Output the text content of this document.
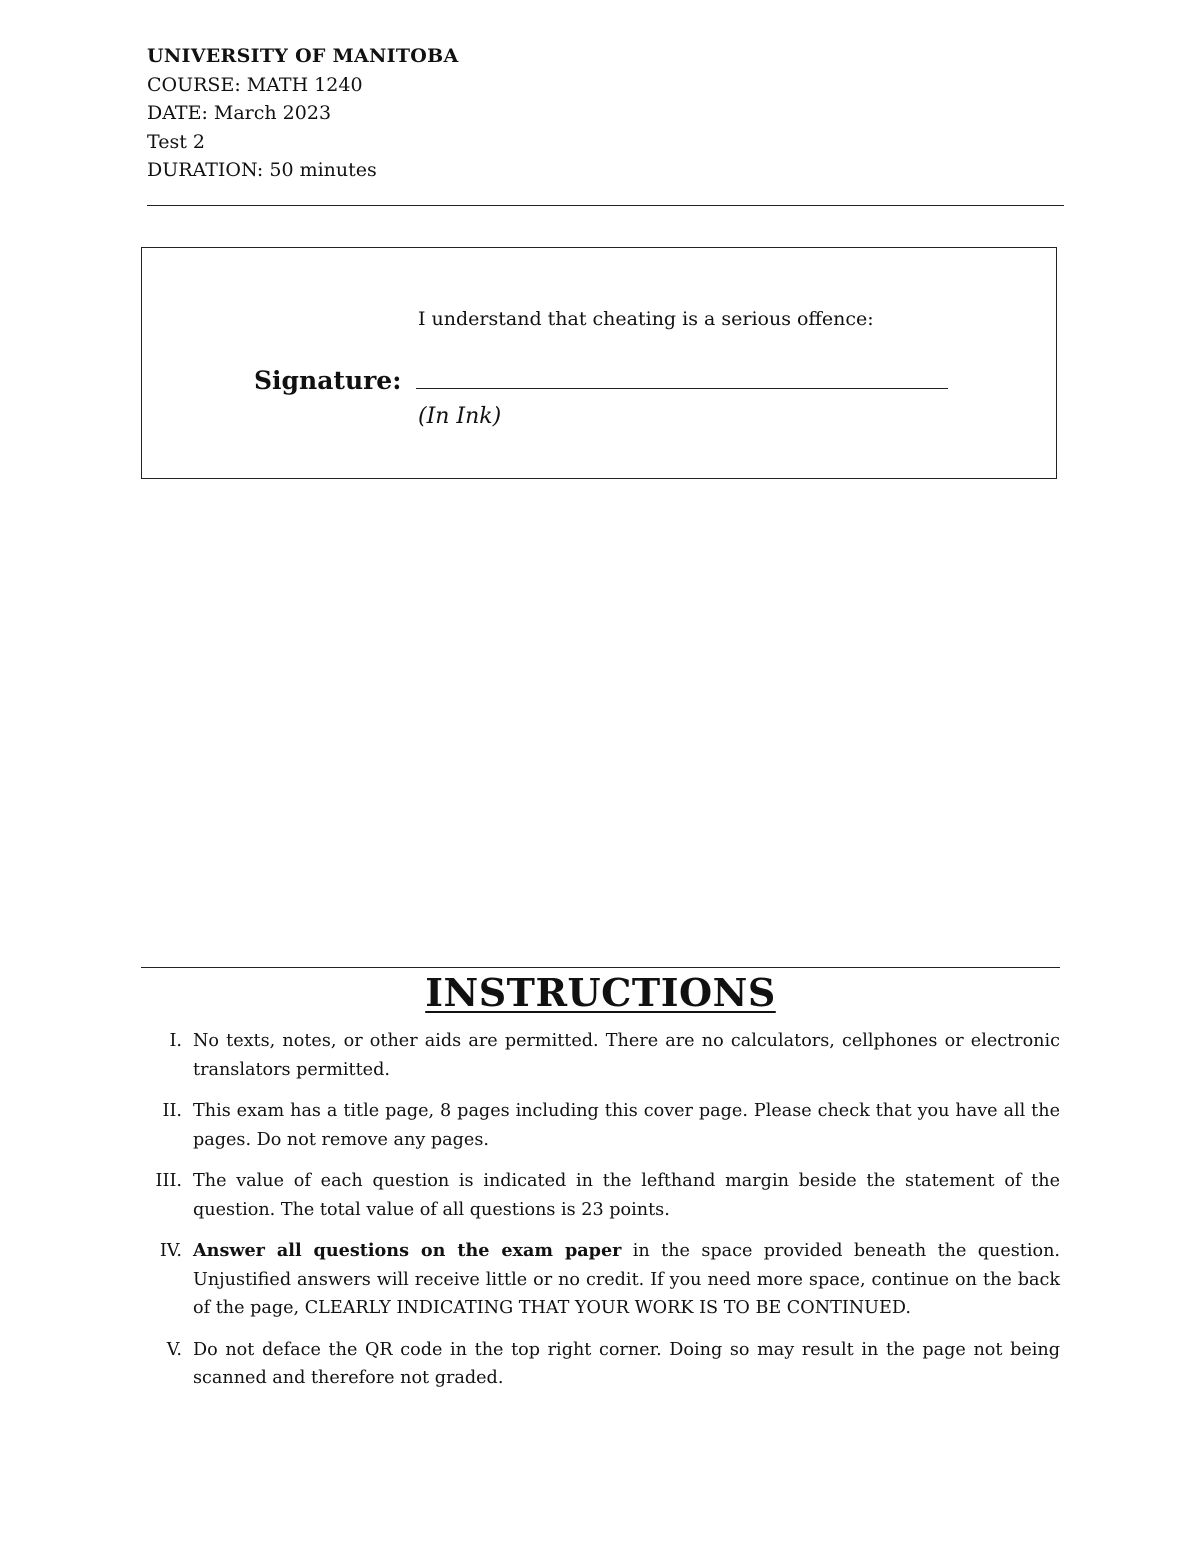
UNIVERSITY OF MANITOBA
COURSE: MATH 1240
DATE: March 2023
Test 2
DURATION: 50 minutes
I understand that cheating is a serious offence:
Signature:
(In Ink)
INSTRUCTIONS
I. No texts, notes, or other aids are permitted. There are no calculators, cellphones or electronic translators permitted.
II. This exam has a title page, 8 pages including this cover page. Please check that you have all the pages. Do not remove any pages.
III. The value of each question is indicated in the lefthand margin beside the statement of the question. The total value of all questions is 23 points.
IV. Answer all questions on the exam paper in the space provided beneath the question. Unjustified answers will receive little or no credit. If you need more space, continue on the back of the page, CLEARLY INDICATING THAT YOUR WORK IS TO BE CONTINUED.
V. Do not deface the QR code in the top right corner. Doing so may result in the page not being scanned and therefore not graded.
